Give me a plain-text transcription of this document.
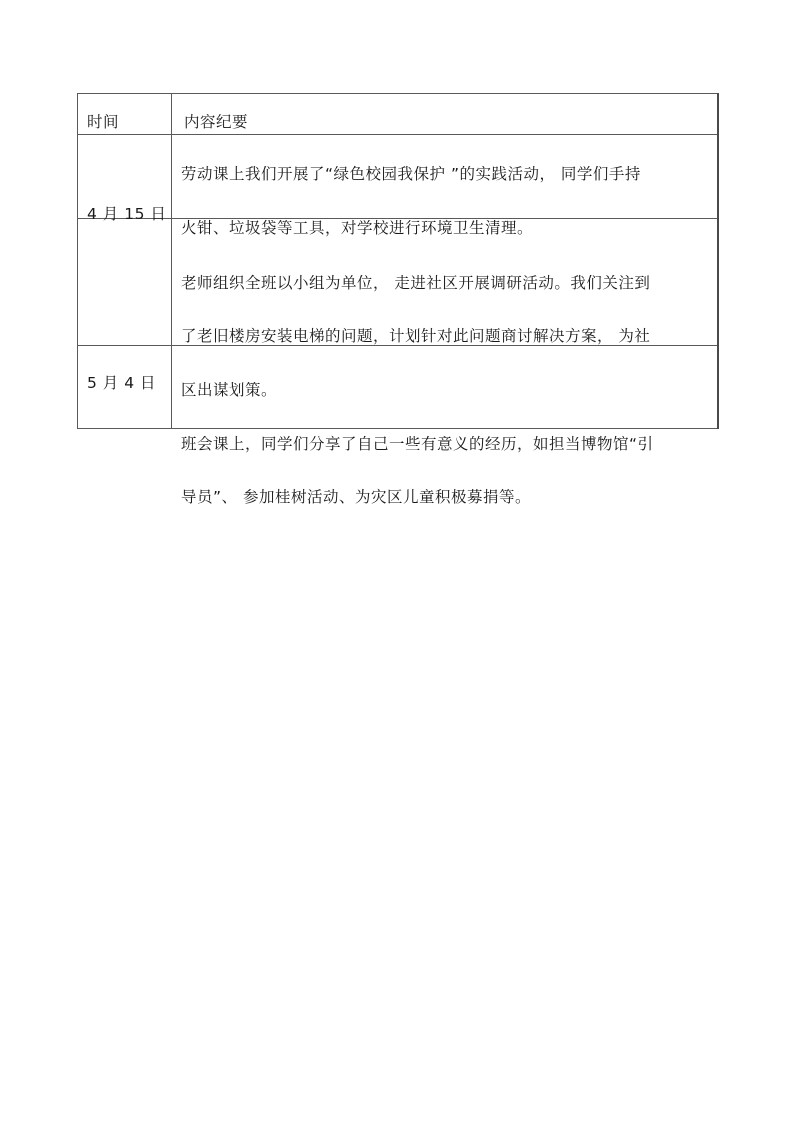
时间	内容纪要
4 月 15 日
5 月 4 日
劳动课上我们开展了“绿色校园我保护 ”的实践活动， 同学们手持
火钳、垃圾袋等工具，对学校进行环境卫生清理。
老师组织全班以小组为单位， 走进社区开展调研活动。我们关注到
了老旧楼房安装电梯的问题，计划针对此问题商讨解决方案， 为社
区出谋划策。
班会课上，同学们分享了自己一些有意义的经历，如担当博物馆“引
导员”、 参加桂树活动、为灾区儿童积极募捐等。
